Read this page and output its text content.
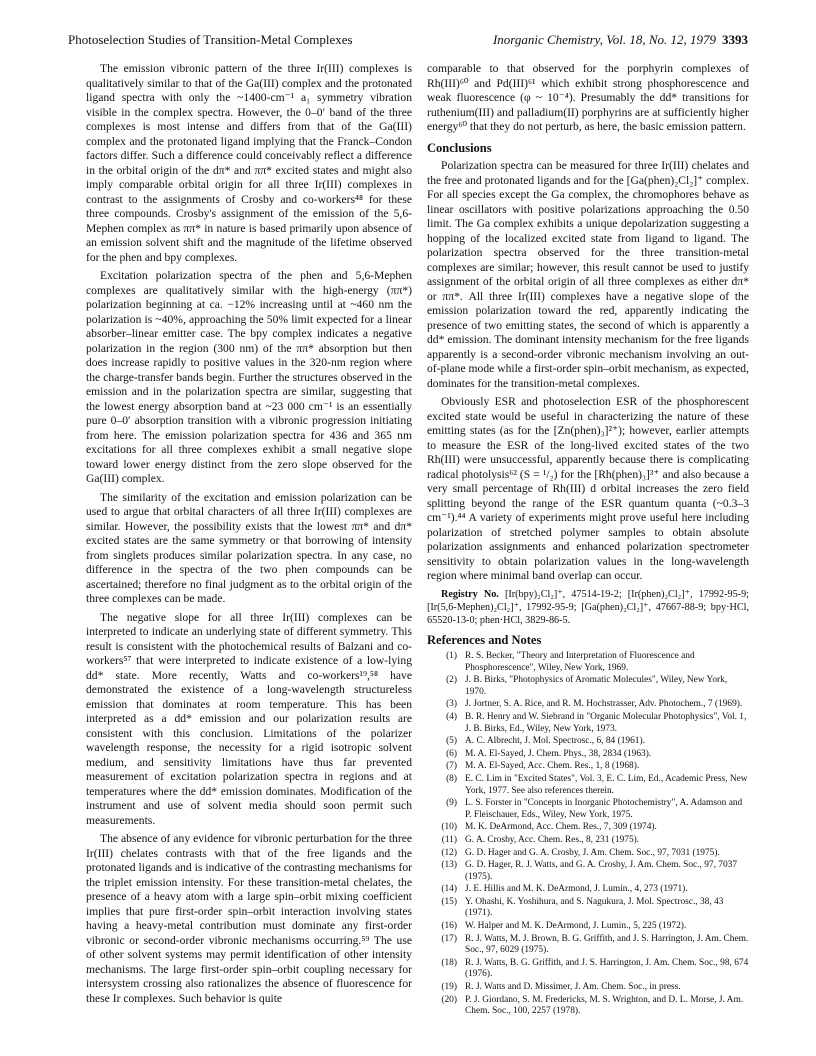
Photoselection Studies of Transition-Metal Complexes	Inorganic Chemistry, Vol. 18, No. 12, 1979 3393

The emission vibronic pattern of the three Ir(III) complexes is qualitatively similar to that of the Ga(III) complex and the protonated ligand spectra with only the ~1400-cm⁻¹ a₁ symmetry vibration visible in the complex spectra. However, the 0–0′ band of the three complexes is most intense and differs from that of the Ga(III) complex and the protonated ligand implying that the Franck–Condon factors differ. Such a difference could conceivably reflect a difference in the orbital origin of the dπ* and ππ* excited states and might also imply comparable orbital origin for all three Ir(III) complexes in contrast to the assignments of Crosby and co-workers⁴⁸ for these three compounds. Crosby's assignment of the emission of the 5,6-Mephen complex as ππ* in nature is based primarily upon absence of an emission solvent shift and the magnitude of the lifetime observed for the phen and bpy complexes.

Excitation polarization spectra of the phen and 5,6-Mephen complexes are qualitatively similar with the high-energy (ππ*) polarization beginning at ca. −12% increasing until at ~460 nm the polarization is ~40%, approaching the 50% limit expected for a linear absorber–linear emitter case. The bpy complex indicates a negative polarization in the region (300 nm) of the ππ* absorption but then does increase rapidly to positive values in the 320-nm region where the charge-transfer bands begin. Further the structures observed in the emission and in the polarization spectra are similar, suggesting that the lowest energy absorption band at ~23 000 cm⁻¹ is an essentially pure 0–0′ absorption transition with a vibronic progression initiating from here. The emission polarization spectra for 436 and 365 nm excitations for all three complexes exhibit a small negative slope toward lower energy distinct from the zero slope observed for the Ga(III) complex.

The similarity of the excitation and emission polarization can be used to argue that orbital characters of all three Ir(III) complexes are similar. However, the possibility exists that the lowest ππ* and dπ* excited states are the same symmetry or that borrowing of intensity from singlets produces similar polarization spectra. In any case, no difference in the spectra of the two phen compounds can be ascertained; therefore no final judgment as to the orbital origin of the three complexes can be made.

The negative slope for all three Ir(III) complexes can be interpreted to indicate an underlying state of different symmetry. This result is consistent with the photochemical results of Balzani and co-workers⁵⁷ that were interpreted to indicate existence of a low-lying dd* state. More recently, Watts and co-workers¹⁹,⁵⁸ have demonstrated the existence of a long-wavelength structureless emission that dominates at room temperature. This has been interpreted as a dd* emission and our polarization results are consistent with this conclusion. Limitations of the polarizer wavelength response, the necessity for a rigid isotropic solvent medium, and sensitivity limitations have thus far prevented measurement of excitation polarization spectra in regions and at temperatures where the dd* emission dominates. Modification of the instrument and use of solvent media should soon permit such measurements.

The absence of any evidence for vibronic perturbation for the three Ir(III) chelates contrasts with that of the free ligands and the protonated ligands and is indicative of the contrasting mechanisms for the triplet emission intensity. For these transition-metal chelates, the presence of a heavy atom with a large spin–orbit mixing coefficient implies that pure first-order spin–orbit interaction involving states having a heavy-metal contribution must dominate any first-order vibronic or second-order vibronic mechanisms occurring.⁵⁹ The use of other solvent systems may permit identification of other intensity mechanisms. The large first-order spin–orbit coupling necessary for intersystem crossing also rationalizes the absence of fluorescence for these Ir complexes. Such behavior is quite

comparable to that observed for the porphyrin complexes of Rh(III)⁶⁰ and Pd(III)⁶¹ which exhibit strong phosphorescence and weak fluorescence (φ ~ 10⁻⁴). Presumably the dd* transitions for ruthenium(III) and palladium(II) porphyrins are at sufficiently higher energy⁶⁰ that they do not perturb, as here, the basic emission pattern.

Conclusions

Polarization spectra can be measured for three Ir(III) chelates and the free and protonated ligands and for the [Ga(phen)₂Cl₂]⁺ complex. For all species except the Ga complex, the chromophores behave as linear oscillators with positive polarizations approaching the 0.50 limit. The Ga complex exhibits a unique depolarization suggesting a hopping of the localized excited state from ligand to ligand. The polarization spectra observed for the three transition-metal complexes are similar; however, this result cannot be used to justify assignment of the orbital origin of all three complexes as either dπ* or ππ*. All three Ir(III) complexes have a negative slope of the emission polarization toward the red, apparently indicating the presence of two emitting states, the second of which is apparently a dd* emission. The dominant intensity mechanism for the free ligands apparently is a second-order vibronic mechanism involving an out-of-plane mode while a first-order spin–orbit mechanism, as expected, dominates for the transition-metal complexes.

Obviously ESR and photoselection ESR of the phosphorescent excited state would be useful in characterizing the nature of these emitting states (as for the [Zn(phen)₃]²⁺); however, earlier attempts to measure the ESR of the long-lived excited states of the two Rh(III) were unsuccessful, apparently because there is complicating radical photolysis⁶² (S = ¹/₂) for the [Rh(phen)₃]³⁺ and also because a very small percentage of Rh(III) d orbital increases the zero field splitting beyond the range of the ESR quantum quanta (~0.3–3 cm⁻¹).⁴⁴ A variety of experiments might prove useful here including polarization of stretched polymer samples to obtain absolute polarization assignments and enhanced polarization spectrometer sensitivity to obtain polarization values in the long-wavelength region where minimal band overlap can occur.

Registry No. [Ir(bpy)₂Cl₂]⁺, 47514-19-2; [Ir(phen)₂Cl₂]⁺, 17992-95-9; [Ir(5,6-Mephen)₂Cl₂]⁺, 17992-95-9; [Ga(phen)₂Cl₂]⁺, 47667-88-9; bpy·HCl, 65520-13-0; phen·HCl, 3829-86-5.

References and Notes
(1) R. S. Becker, "Theory and Interpretation of Fluorescence and Phosphorescence", Wiley, New York, 1969.
(2) J. B. Birks, "Photophysics of Aromatic Molecules", Wiley, New York, 1970.
(3) J. Jortner, S. A. Rice, and R. M. Hochstrasser, Adv. Photochem., 7 (1969).
(4) B. R. Henry and W. Siebrand in "Organic Molecular Photophysics", Vol. 1, J. B. Birks, Ed., Wiley, New York, 1973.
(5) A. C. Albrecht, J. Mol. Spectrosc., 6, 84 (1961).
(6) M. A. El-Sayed, J. Chem. Phys., 38, 2834 (1963).
(7) M. A. El-Sayed, Acc. Chem. Res., 1, 8 (1968).
(8) E. C. Lim in "Excited States", Vol. 3, E. C. Lim, Ed., Academic Press, New York, 1977. See also references therein.
(9) L. S. Forster in "Concepts in Inorganic Photochemistry", A. Adamson and P. Fleischauer, Eds., Wiley, New York, 1975.
(10) M. K. DeArmond, Acc. Chem. Res., 7, 309 (1974).
(11) G. A. Crosby, Acc. Chem. Res., 8, 231 (1975).
(12) G. D. Hager and G. A. Crosby, J. Am. Chem. Soc., 97, 7031 (1975).
(13) G. D. Hager, R. J. Watts, and G. A. Crosby, J. Am. Chem. Soc., 97, 7037 (1975).
(14) J. E. Hillis and M. K. DeArmond, J. Lumin., 4, 273 (1971).
(15) Y. Ohashi, K. Yoshihura, and S. Nagukura, J. Mol. Spectrosc., 38, 43 (1971).
(16) W. Halper and M. K. DeArmond, J. Lumin., 5, 225 (1972).
(17) R. J. Watts, M. J. Brown, B. G. Griffith, and J. S. Harrington, J. Am. Chem. Soc., 97, 6029 (1975).
(18) R. J. Watts, B. G. Griffith, and J. S. Harrington, J. Am. Chem. Soc., 98, 674 (1976).
(19) R. J. Watts and D. Missimer, J. Am. Chem. Soc., in press.
(20) P. J. Giordano, S. M. Fredericks, M. S. Wrighton, and D. L. Morse, J. Am. Chem. Soc., 100, 2257 (1978).
